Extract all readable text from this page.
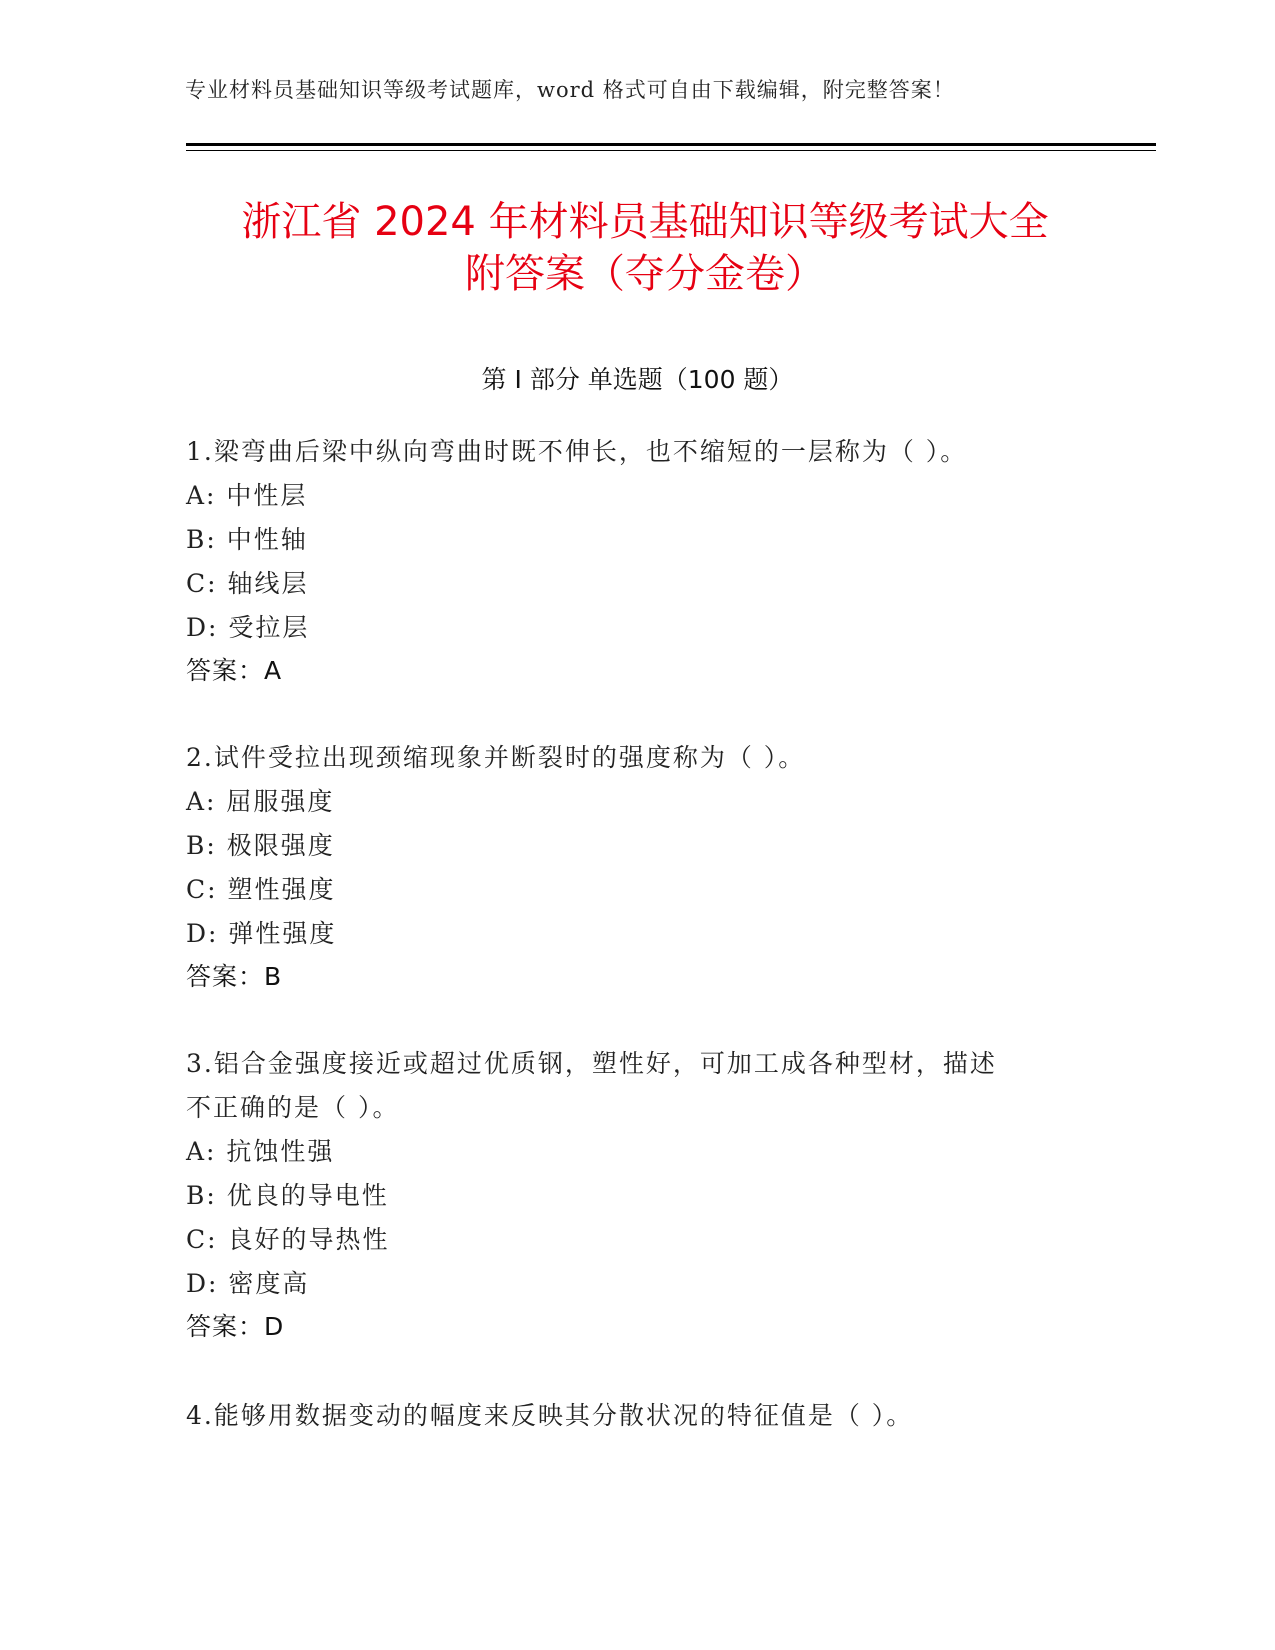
专业材料员基础知识等级考试题库，word 格式可自由下载编辑，附完整答案！
浙江省 2024 年材料员基础知识等级考试大全
附答案（夺分金卷）
第 I 部分 单选题（100 题）
1.梁弯曲后梁中纵向弯曲时既不伸长，也不缩短的一层称为（ ）。
A: 中性层
B: 中性轴
C: 轴线层
D: 受拉层
答案：A
2.试件受拉出现颈缩现象并断裂时的强度称为（ ）。
A: 屈服强度
B: 极限强度
C: 塑性强度
D: 弹性强度
答案：B
3.铝合金强度接近或超过优质钢，塑性好，可加工成各种型材，描述
不正确的是（ ）。
A: 抗蚀性强
B: 优良的导电性
C: 良好的导热性
D: 密度高
答案：D
4.能够用数据变动的幅度来反映其分散状况的特征值是（ ）。
